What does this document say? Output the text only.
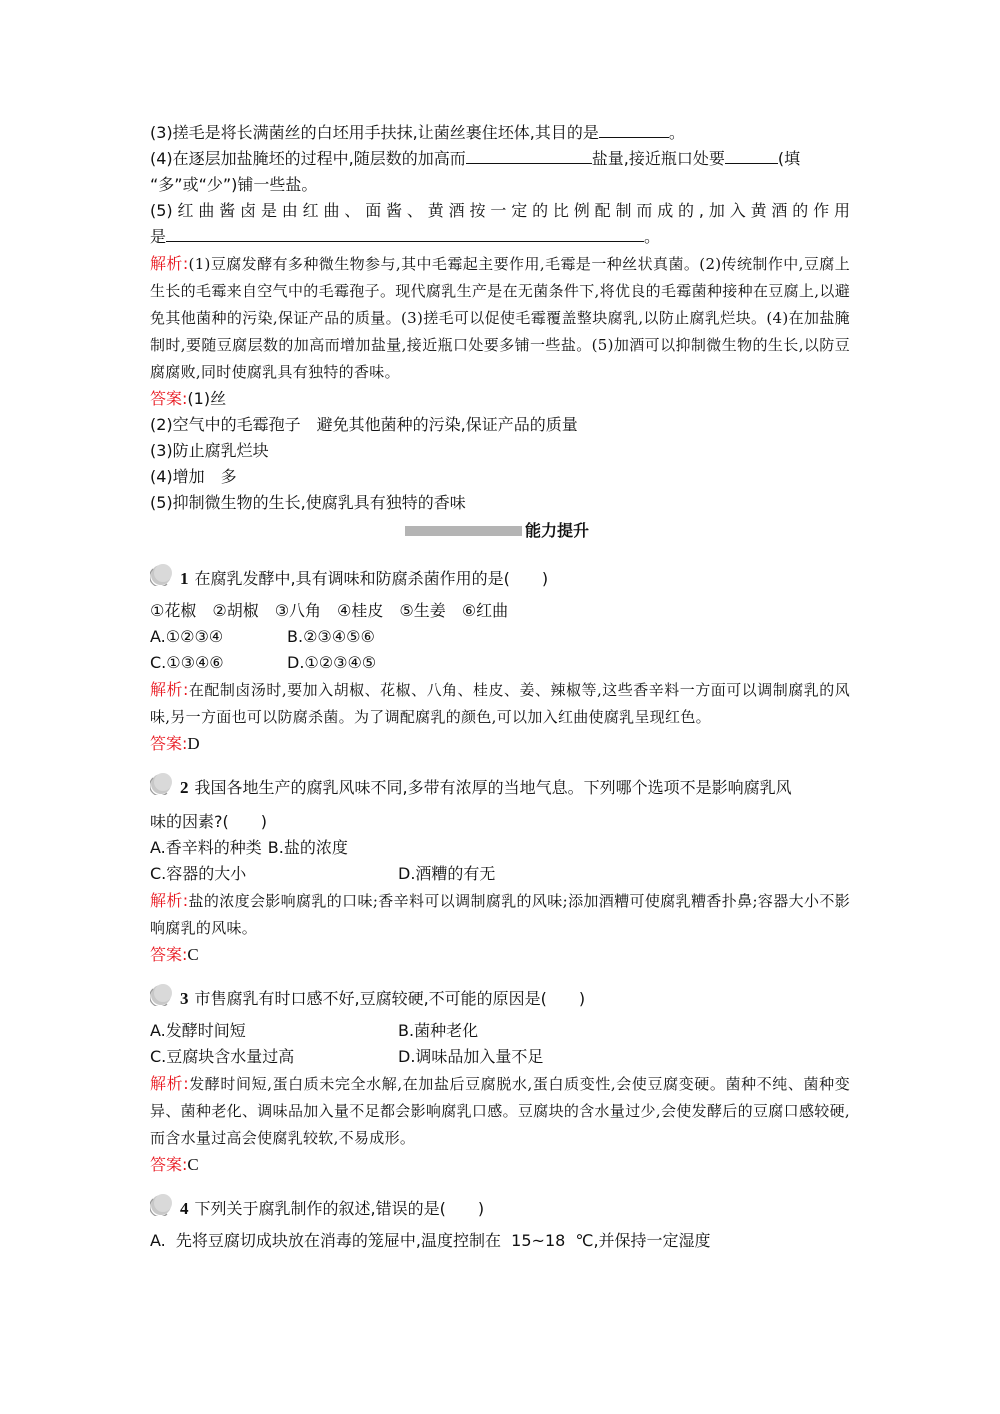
(3)搓毛是将长满菌丝的白坯用手扶抹,让菌丝裹住坯体,其目的是	。
(4)在逐层加盐腌坯的过程中,随层数的加高而	盐量,接近瓶口处要	(填
“多”或“少”)铺一些盐。
(5)红曲酱卤是由红曲、面酱、黄酒按一定的比例配制而成的,加入黄酒的作用
是	。
解析:(1)豆腐发酵有多种微生物参与,其中毛霉起主要作用,毛霉是一种丝状真菌。(2)传统制作中,豆腐上生长的毛霉来自空气中的毛霉孢子。现代腐乳生产是在无菌条件下,将优良的毛霉菌种接种在豆腐上,以避免其他菌种的污染,保证产品的质量。(3)搓毛可以促使毛霉覆盖整块腐乳,以防止腐乳烂块。(4)在加盐腌制时,要随豆腐层数的加高而增加盐量,接近瓶口处要多铺一些盐。(5)加酒可以抑制微生物的生长,以防豆腐腐败,同时使腐乳具有独特的香味。
答案:(1)丝
(2)空气中的毛霉孢子　避免其他菌种的污染,保证产品的质量
(3)防止腐乳烂块
(4)增加　多
(5)抑制微生物的生长,使腐乳具有独特的香味
能力提升
1 在腐乳发酵中,具有调味和防腐杀菌作用的是(　　)
①花椒　②胡椒　③八角　④桂皮　⑤生姜　⑥红曲
A.①②③④	B.②③④⑤⑥
C.①③④⑥	D.①②③④⑤
解析:在配制卤汤时,要加入胡椒、花椒、八角、桂皮、姜、辣椒等,这些香辛料一方面可以调制腐乳的风味,另一方面也可以防腐杀菌。为了调配腐乳的颜色,可以加入红曲使腐乳呈现红色。
答案:D
2 我国各地生产的腐乳风味不同,多带有浓厚的当地气息。下列哪个选项不是影响腐乳风
味的因素?(　　)
A.香辛料的种类 B.盐的浓度
C.容器的大小	D.酒糟的有无
解析:盐的浓度会影响腐乳的口味;香辛料可以调制腐乳的风味;添加酒糟可使腐乳糟香扑鼻;容器大小不影响腐乳的风味。
答案:C
3 市售腐乳有时口感不好,豆腐较硬,不可能的原因是(　　)
A.发酵时间短	B.菌种老化
C.豆腐块含水量过高	D.调味品加入量不足
解析:发酵时间短,蛋白质未完全水解,在加盐后豆腐脱水,蛋白质变性,会使豆腐变硬。菌种不纯、菌种变异、菌种老化、调味品加入量不足都会影响腐乳口感。豆腐块的含水量过少,会使发酵后的豆腐口感较硬,而含水量过高会使腐乳较软,不易成形。
答案:C
4 下列关于腐乳制作的叙述,错误的是(　　)
A.  先将豆腐切成块放在消毒的笼屉中,温度控制在  15~18  ℃,并保持一定湿度
